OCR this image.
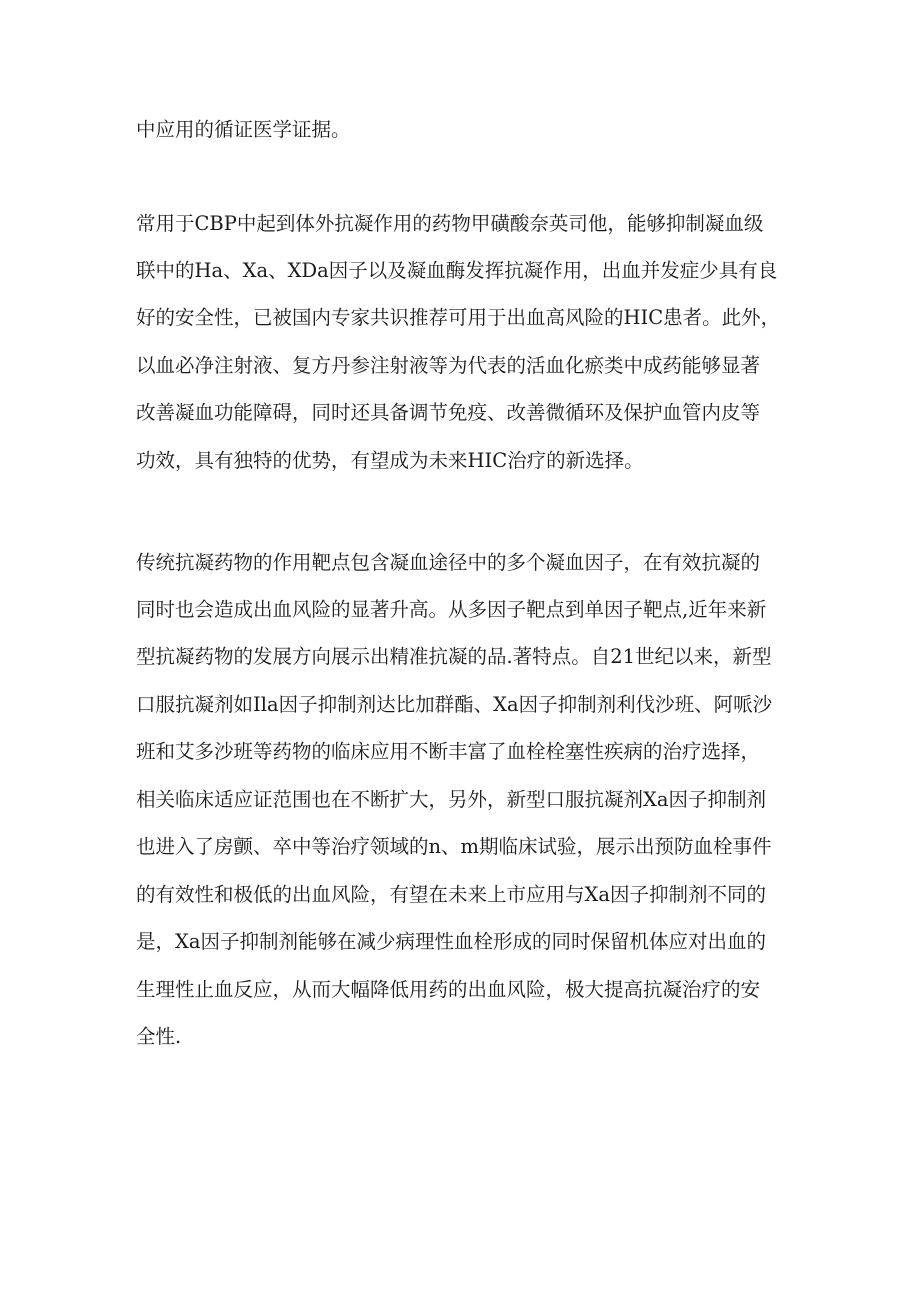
中应用的循证医学证据。

常用于CBP中起到体外抗凝作用的药物甲磺酸奈英司他，能够抑制凝血级

联中的Ha、Xa、XDa因子以及凝血酶发挥抗凝作用，出血并发症少具有良

好的安全性，已被国内专家共识推荐可用于出血高风险的HIC患者。此外，

以血必净注射液、复方丹参注射液等为代表的活血化瘀类中成药能够显著

改善凝血功能障碍，同时还具备调节免疫、改善微循环及保护血管内皮等

功效，具有独特的优势，有望成为未来HIC治疗的新选择。

传统抗凝药物的作用靶点包含凝血途径中的多个凝血因子，在有效抗凝的

同时也会造成出血风险的显著升高。从多因子靶点到单因子靶点,近年来新

型抗凝药物的发展方向展示出精准抗凝的品.著特点。自21世纪以来，新型

口服抗凝剂如Ila因子抑制剂达比加群酯、Xa因子抑制剂利伐沙班、阿哌沙

班和艾多沙班等药物的临床应用不断丰富了血栓栓塞性疾病的治疗选择，

相关临床适应证范围也在不断扩大，另外，新型口服抗凝剂Xa因子抑制剂

也进入了房颤、卒中等治疗领域的n、m期临床试验，展示出预防血栓事件

的有效性和极低的出血风险，有望在未来上市应用与Xa因子抑制剂不同的

是，Xa因子抑制剂能够在减少病理性血栓形成的同时保留机体应对出血的

生理性止血反应，从而大幅降低用药的出血风险，极大提高抗凝治疗的安

全性.
